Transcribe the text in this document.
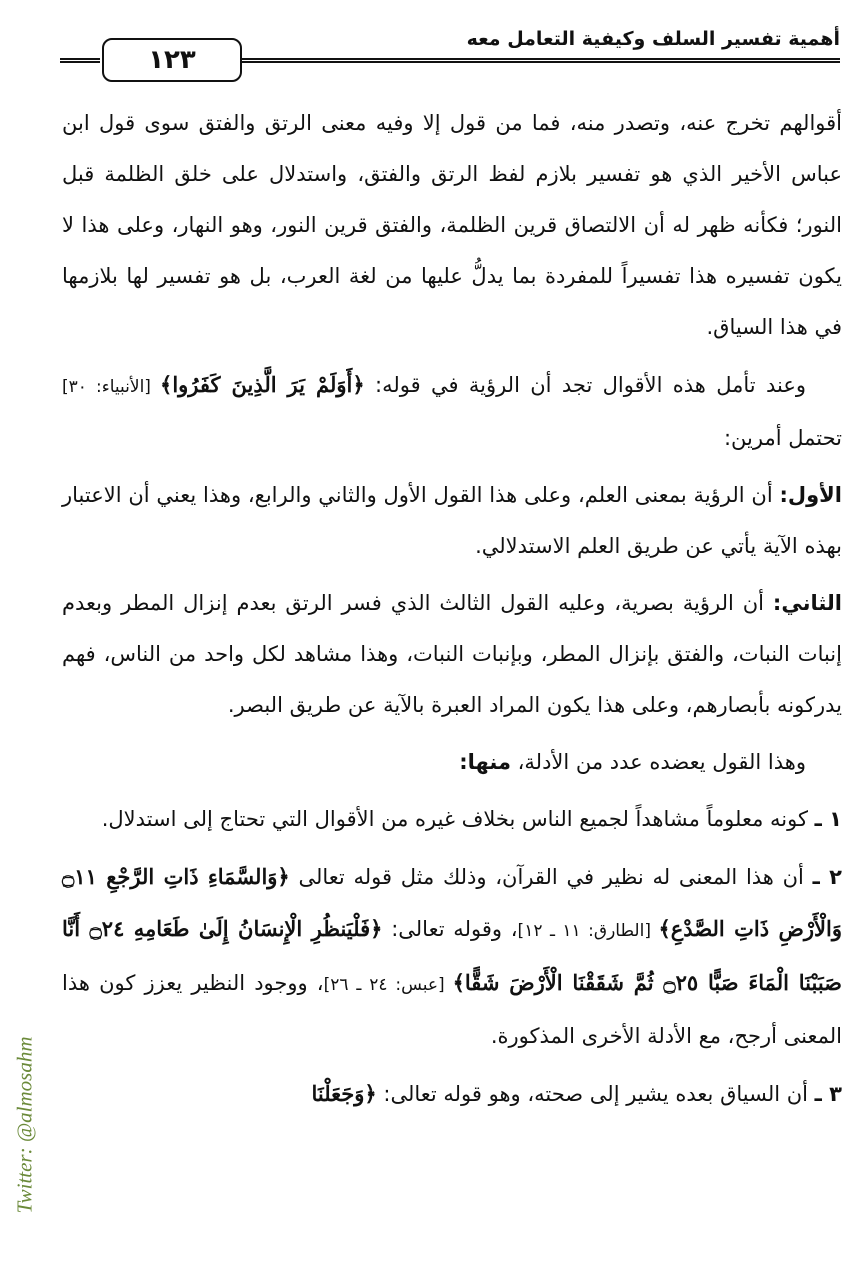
١٢٣
أهمية تفسير السلف وكيفية التعامل معه

أقوالهم تخرج عنه، وتصدر منه، فما من قول إلا وفيه معنى الرتق والفتق سوى قول ابن عباس الأخير الذي هو تفسير بلازم لفظ الرتق والفتق، واستدلال على خلق الظلمة قبل النور؛ فكأنه ظهر له أن الالتصاق قرين الظلمة، والفتق قرين النور، وهو النهار، وعلى هذا لا يكون تفسيره هذا تفسيراً للمفردة بما يدلُّ عليها من لغة العرب، بل هو تفسير لها بلازمها في هذا السياق.

وعند تأمل هذه الأقوال تجد أن الرؤية في قوله: ﴿أَوَلَمْ يَرَ الَّذِينَ كَفَرُوا﴾ [الأنبياء: ٣٠] تحتمل أمرين:

الأول: أن الرؤية بمعنى العلم، وعلى هذا القول الأول والثاني والرابع، وهذا يعني أن الاعتبار بهذه الآية يأتي عن طريق العلم الاستدلالي.

الثاني: أن الرؤية بصرية، وعليه القول الثالث الذي فسر الرتق بعدم إنزال المطر وبعدم إنبات النبات، والفتق بإنزال المطر، وبإنبات النبات، وهذا مشاهد لكل واحد من الناس، فهم يدركونه بأبصارهم، وعلى هذا يكون المراد العبرة بالآية عن طريق البصر.

وهذا القول يعضده عدد من الأدلة، منها:

١ ـ كونه معلوماً مشاهداً لجميع الناس بخلاف غيره من الأقوال التي تحتاج إلى استدلال.

٢ ـ أن هذا المعنى له نظير في القرآن، وذلك مثل قوله تعالى ﴿وَالسَّمَاءِ ذَاتِ الرَّجْعِ ۝١١ وَالْأَرْضِ ذَاتِ الصَّدْعِ﴾ [الطارق: ١١ ـ ١٢]، وقوله تعالى: ﴿فَلْيَنظُرِ الْإِنسَانُ إِلَىٰ طَعَامِهِ ۝٢٤ أَنَّا صَبَبْنَا الْمَاءَ صَبًّا ۝٢٥ ثُمَّ شَقَقْنَا الْأَرْضَ شَقًّا﴾ [عبس: ٢٤ ـ ٢٦]، ووجود النظير يعزز كون هذا المعنى أرجح، مع الأدلة الأخرى المذكورة.

٣ ـ أن السياق بعده يشير إلى صحته، وهو قوله تعالى: ﴿وَجَعَلْنَا

Twitter: @almosahm
